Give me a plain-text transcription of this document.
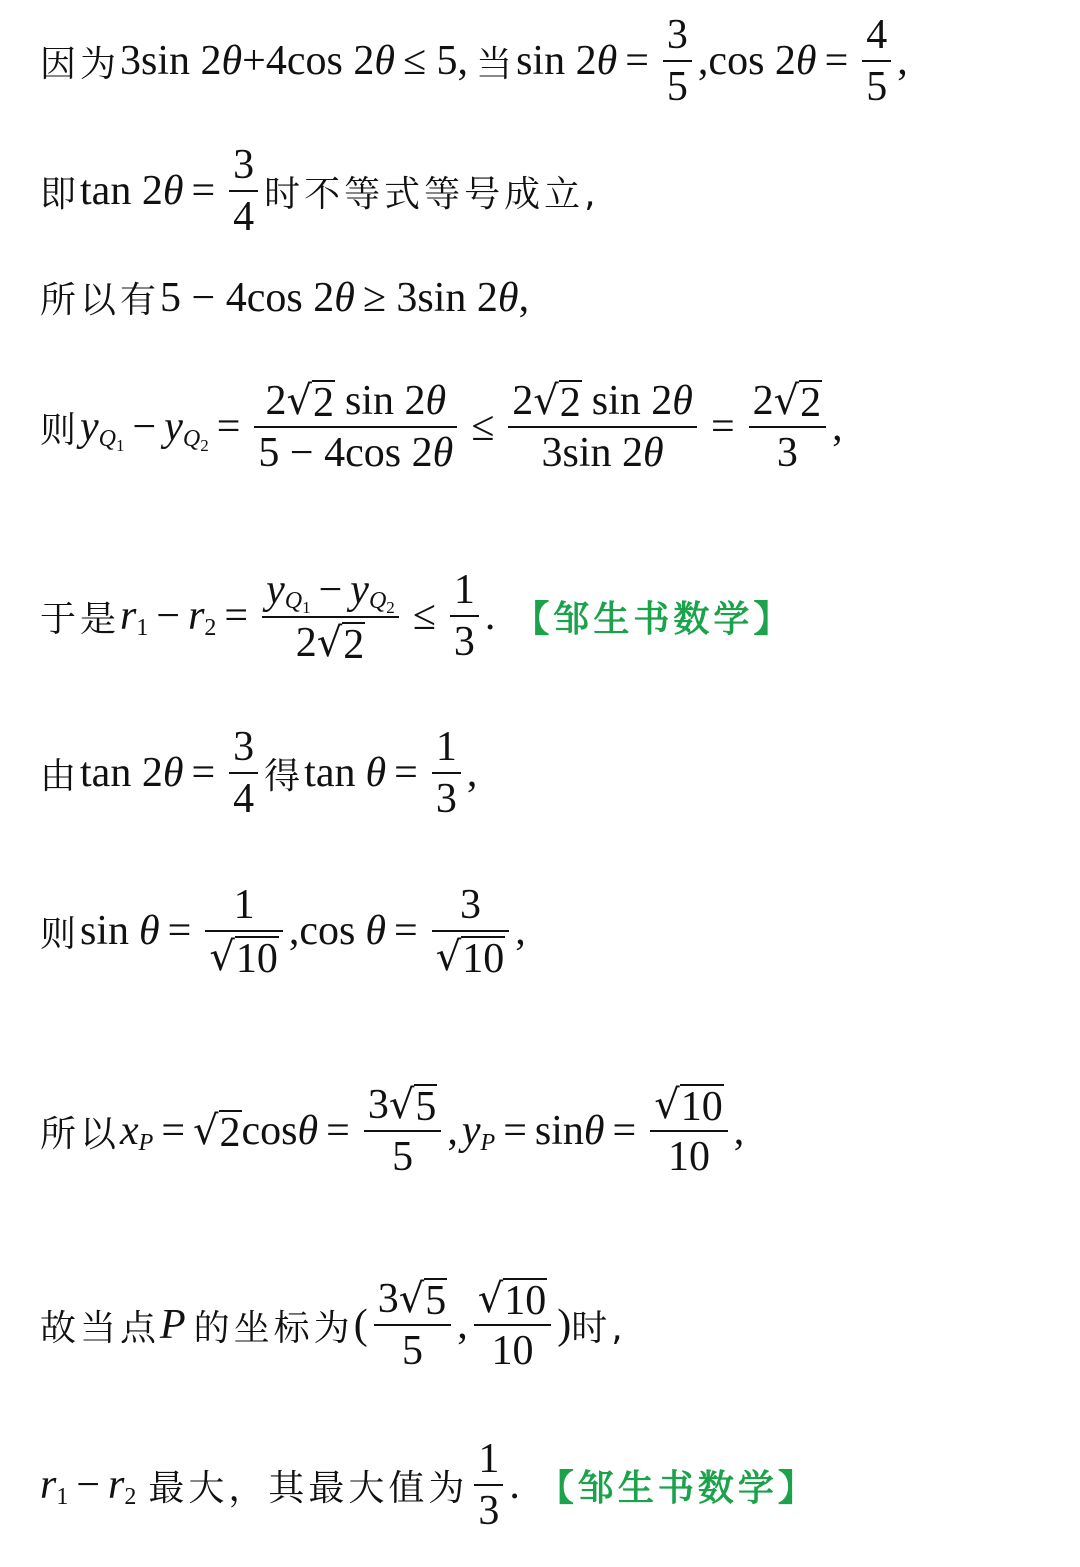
因为 3sin 2 θ +4cos 2 θ ≤ 5, 当 sin 2 $\theta = \frac{3}{5} ,\cos$ 2 $\theta = \frac{4}{5}$ ,
即 tan 2 $\theta = \frac{3}{4}$ 时不等式等号成立,
所以有 5 − 4cos 2 θ ≥ 3sin 2 θ ,
则 y $Q_1 - y$ $Q_2 = \frac{2 √ 2 \sin 2 \theta}{5 - 4\cos 2 \theta} \le \frac{2 √ 2 \sin 2 \theta}{3\sin 2 \theta} = \frac{2 √ 2}{3}$ ,
于是 r 1 − r $2 = \frac{y Q_1 - y Q_2}{2 √ 2} \le \frac{1}{3}$ . 【邹生书数学】
由 tan 2 $\theta = \frac{3}{4}$ 得 $\tan \theta = \frac{1}{3}$ ,
则 $\sin \theta = \frac{1}{√ 10} ,\cos$ $\theta = \frac{3}{√ 10}$ ,
所以 x P = √ 2 $\cos \theta = \frac{3 √ 5}{5}$ , y $P = \sin \theta = \frac{√ 10}{10}$ ,
故当点 P 的坐标为 ( $\frac{3 √ 5}{5}$ , $\frac{√ 10}{10}$ ) 时,
r 1 − r 2 最大，其最大值为 $\frac{1}{3}$ . 【邹生书数学】
